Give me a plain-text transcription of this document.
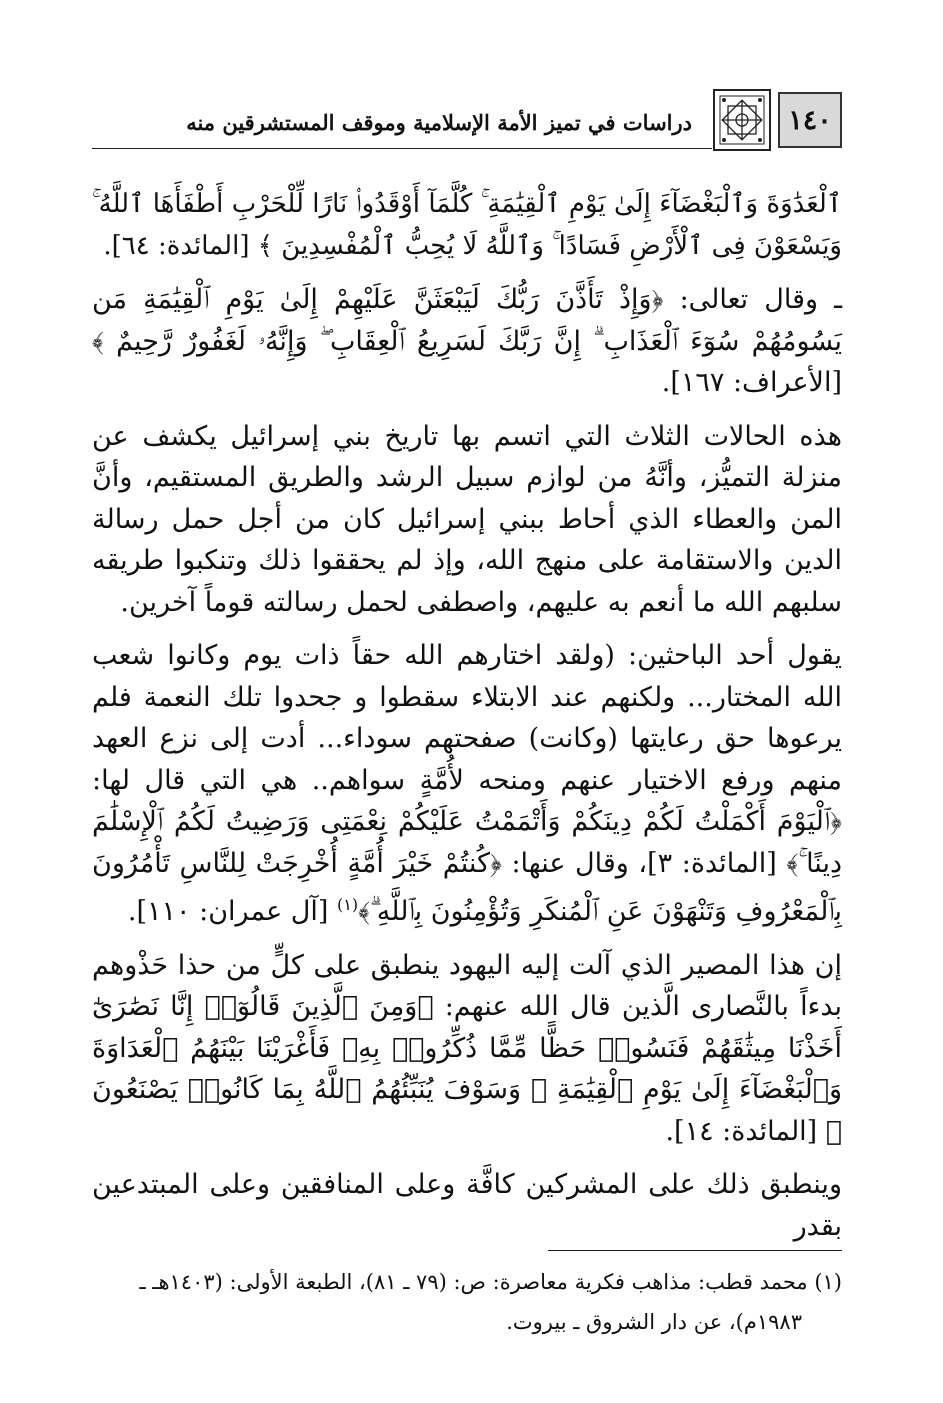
١٤٠
دراسات في تميز الأمة الإسلامية وموقف المستشرقين منه

ٱلْعَدَٰوَةَ وَٱلْبَغْضَآءَ إِلَىٰ يَوْمِ ٱلْقِيَٰمَةِ ۚ كُلَّمَآ أَوْقَدُوا۟ نَارًا لِّلْحَرْبِ أَطْفَأَهَا ٱللَّهُ ۚ وَيَسْعَوْنَ فِى ٱلْأَرْضِ فَسَادًا ۚ وَٱللَّهُ لَا يُحِبُّ ٱلْمُفْسِدِينَ ﴾ [المائدة: ٦٤].

ـ وقال تعالى: ﴿وَإِذْ تَأَذَّنَ رَبُّكَ لَيَبْعَثَنَّ عَلَيْهِمْ إِلَىٰ يَوْمِ ٱلْقِيَٰمَةِ مَن يَسُومُهُمْ سُوٓءَ ٱلْعَذَابِ ۗ إِنَّ رَبَّكَ لَسَرِيعُ ٱلْعِقَابِ ۖ وَإِنَّهُۥ لَغَفُورٌ رَّحِيمٌ ﴾ [الأعراف: ١٦٧].

هذه الحالات الثلاث التي اتسم بها تاريخ بني إسرائيل يكشف عن منزلة التميُّز، وأنَّهُ من لوازم سبيل الرشد والطريق المستقيم، وأنَّ المن والعطاء الذي أحاط ببني إسرائيل كان من أجل حمل رسالة الدين والاستقامة على منهج الله، وإذ لم يحققوا ذلك وتنكبوا طريقه سلبهم الله ما أنعم به عليهم، واصطفى لحمل رسالته قوماً آخرين.

يقول أحد الباحثين: (ولقد اختارهم الله حقاً ذات يوم وكانوا شعب الله المختار... ولكنهم عند الابتلاء سقطوا و جحدوا تلك النعمة فلم يرعوها حق رعايتها (وكانت) صفحتهم سوداء... أدت إلى نزع العهد منهم ورفع الاختيار عنهم ومنحه لأُمَّةٍ سواهم.. هي التي قال لها: ﴿ٱلْيَوْمَ أَكْمَلْتُ لَكُمْ دِينَكُمْ وَأَتْمَمْتُ عَلَيْكُمْ نِعْمَتِى وَرَضِيتُ لَكُمُ ٱلْإِسْلَٰمَ دِينًا ۚ﴾ [المائدة: ٣]، وقال عنها: ﴿كُنتُمْ خَيْرَ أُمَّةٍ أُخْرِجَتْ لِلنَّاسِ تَأْمُرُونَ بِٱلْمَعْرُوفِ وَتَنْهَوْنَ عَنِ ٱلْمُنكَرِ وَتُؤْمِنُونَ بِٱللَّهِ ۗ﴾$^{(١)}$ [آل عمران: ١١٠].

إن هذا المصير الذي آلت إليه اليهود ينطبق على كلٍّ من حذا حَذْوهم بدءاً بالنَّصارى الَّذين قال الله عنهم: ﴿وَمِنَ ٱلَّذِينَ قَالُوٓا۟ إِنَّا نَصَٰرَىٰٓ أَخَذْنَا مِيثَٰقَهُمْ فَنَسُوا۟ حَظًّا مِّمَّا ذُكِّرُوا۟ بِهِۦ فَأَغْرَيْنَا بَيْنَهُمُ ٱلْعَدَاوَةَ وَٱلْبَغْضَآءَ إِلَىٰ يَوْمِ ٱلْقِيَٰمَةِ ۚ وَسَوْفَ يُنَبِّئُهُمُ ٱللَّهُ بِمَا كَانُوا۟ يَصْنَعُونَ ﴾ [المائدة: ١٤].

وينطبق ذلك على المشركين كافَّة وعلى المنافقين وعلى المبتدعين بقدر

(١) محمد قطب: مذاهب فكرية معاصرة: ص: (٧٩ ـ ٨١)، الطبعة الأولى: (١٤٠٣هـ ـ

١٩٨٣م)، عن دار الشروق ـ بيروت.
